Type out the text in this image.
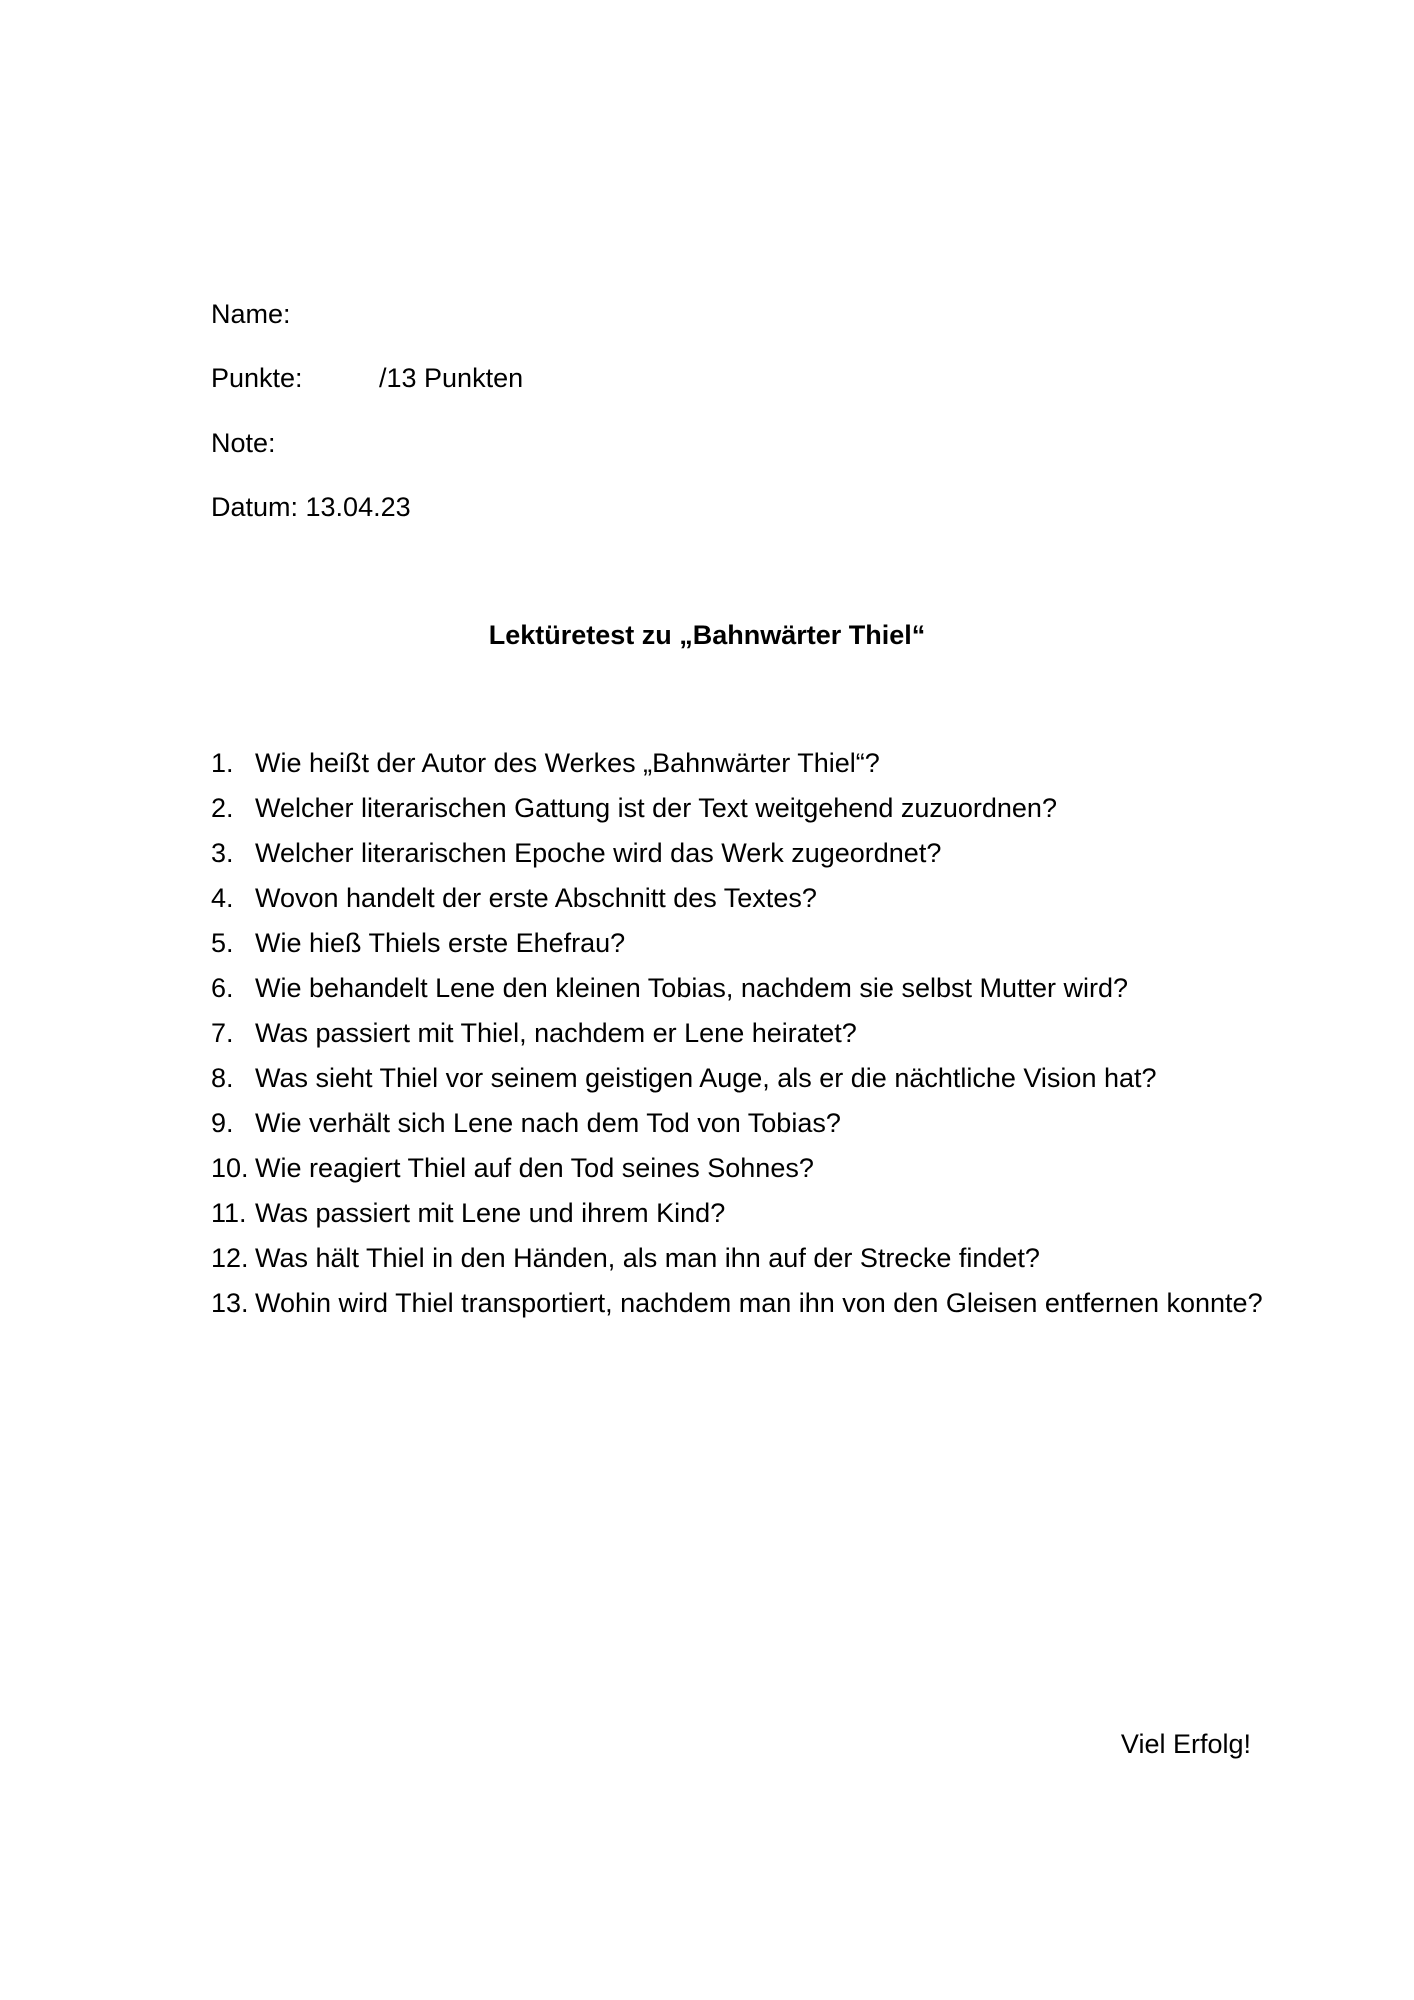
Name:
Punkte:	/13 Punkten
Note:
Datum: 13.04.23
Lektüretest zu „Bahnwärter Thiel“
1. Wie heißt der Autor des Werkes „Bahnwärter Thiel“?
2. Welcher literarischen Gattung ist der Text weitgehend zuzuordnen?
3. Welcher literarischen Epoche wird das Werk zugeordnet?
4. Wovon handelt der erste Abschnitt des Textes?
5. Wie hieß Thiels erste Ehefrau?
6. Wie behandelt Lene den kleinen Tobias, nachdem sie selbst Mutter wird?
7. Was passiert mit Thiel, nachdem er Lene heiratet?
8. Was sieht Thiel vor seinem geistigen Auge, als er die nächtliche Vision hat?
9. Wie verhält sich Lene nach dem Tod von Tobias?
10. Wie reagiert Thiel auf den Tod seines Sohnes?
11. Was passiert mit Lene und ihrem Kind?
12. Was hält Thiel in den Händen, als man ihn auf der Strecke findet?
13. Wohin wird Thiel transportiert, nachdem man ihn von den Gleisen entfernen konnte?
Viel Erfolg!
